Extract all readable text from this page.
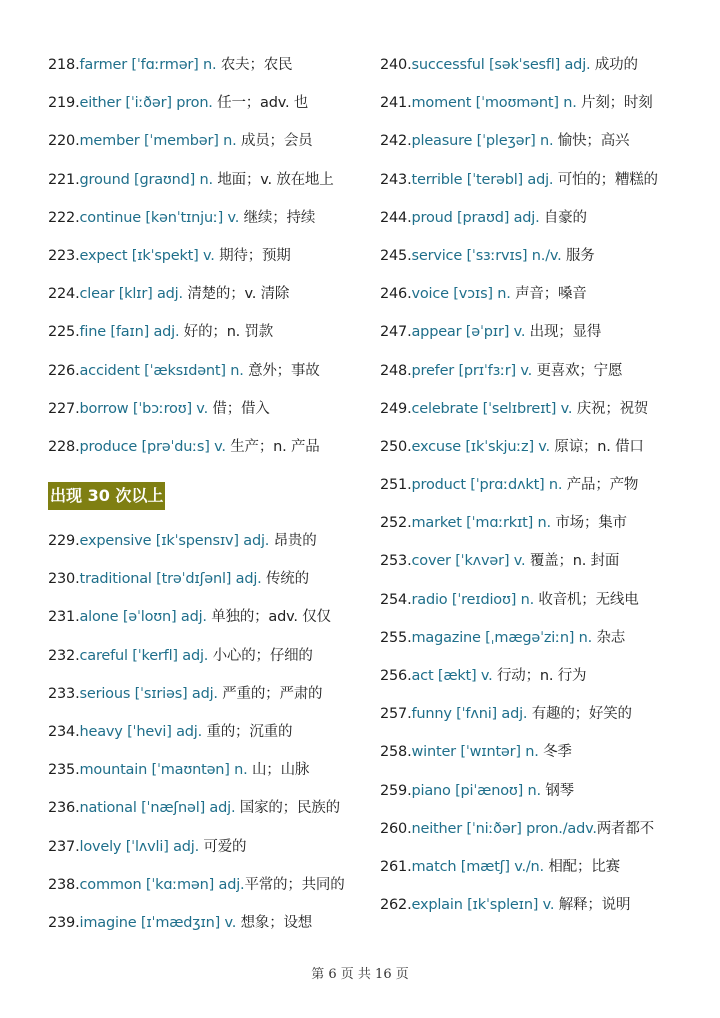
218.farmer [ˈfɑːrmər] n. 农夫；农民
219.either [ˈiːðər] pron. 任一；adv. 也
220.member [ˈmembər] n. 成员；会员
221.ground [ɡraʊnd] n. 地面；v. 放在地上
222.continue [kənˈtɪnjuː] v. 继续；持续
223.expect [ɪkˈspekt] v. 期待；预期
224.clear [klɪr] adj. 清楚的；v. 清除
225.fine [faɪn] adj. 好的；n. 罚款
226.accident [ˈæksɪdənt] n. 意外；事故
227.borrow [ˈbɔːroʊ] v. 借；借入
228.produce [prəˈduːs] v. 生产；n. 产品
出现 30 次以上
229.expensive [ɪkˈspensɪv] adj. 昂贵的
230.traditional [trəˈdɪʃənl] adj. 传统的
231.alone [əˈloʊn] adj. 单独的；adv. 仅仅
232.careful [ˈkerfl] adj. 小心的；仔细的
233.serious [ˈsɪriəs] adj. 严重的；严肃的
234.heavy [ˈhevi] adj. 重的；沉重的
235.mountain [ˈmaʊntən] n. 山；山脉
236.national [ˈnæʃnəl] adj. 国家的；民族的
237.lovely [ˈlʌvli] adj. 可爱的
238.common [ˈkɑːmən] adj.平常的；共同的
239.imagine [ɪˈmædʒɪn] v. 想象；设想
240.successful [səkˈsesfl] adj. 成功的
241.moment [ˈmoʊmənt] n. 片刻；时刻
242.pleasure [ˈpleʒər] n. 愉快；高兴
243.terrible [ˈterəbl] adj. 可怕的；糟糕的
244.proud [praʊd] adj. 自豪的
245.service [ˈsɜːrvɪs] n./v. 服务
246.voice [vɔɪs] n. 声音；嗓音
247.appear [əˈpɪr] v. 出现；显得
248.prefer [prɪˈfɜːr] v. 更喜欢；宁愿
249.celebrate [ˈselɪbreɪt] v. 庆祝；祝贺
250.excuse [ɪkˈskjuːz] v. 原谅；n. 借口
251.product [ˈprɑːdʌkt] n. 产品；产物
252.market [ˈmɑːrkɪt] n. 市场；集市
253.cover [ˈkʌvər] v. 覆盖；n. 封面
254.radio [ˈreɪdioʊ] n. 收音机；无线电
255.magazine [ˌmæɡəˈziːn] n. 杂志
256.act [ækt] v. 行动；n. 行为
257.funny [ˈfʌni] adj. 有趣的；好笑的
258.winter [ˈwɪntər] n. 冬季
259.piano [piˈænoʊ] n. 钢琴
260.neither [ˈniːðər] pron./adv.两者都不
261.match [mætʃ] v./n. 相配；比赛
262.explain [ɪkˈspleɪn] v. 解释；说明
第 6 页 共 16 页
